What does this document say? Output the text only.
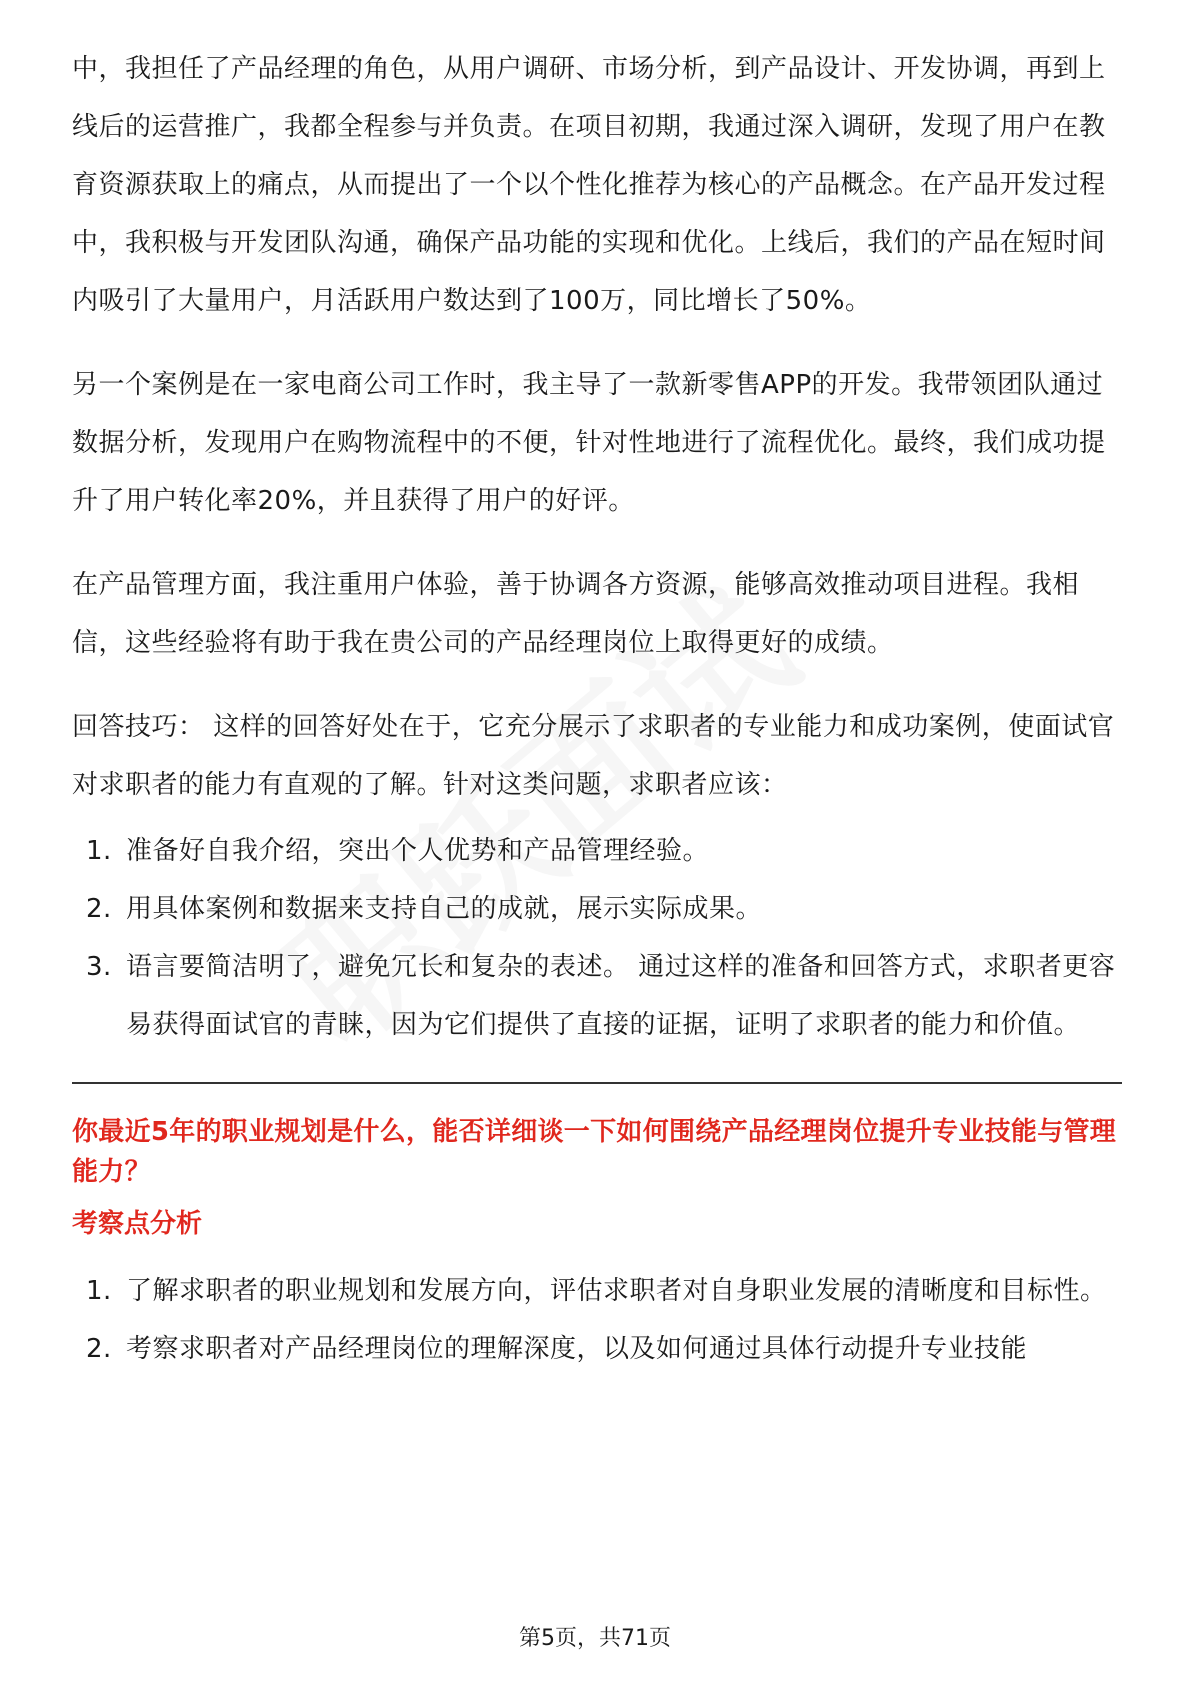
中，我担任了产品经理的角色，从用户调研、市场分析，到产品设计、开发协调，再到上线后的运营推广，我都全程参与并负责。在项目初期，我通过深入调研，发现了用户在教育资源获取上的痛点，从而提出了一个以个性化推荐为核心的产品概念。在产品开发过程中，我积极与开发团队沟通，确保产品功能的实现和优化。上线后，我们的产品在短时间内吸引了大量用户，月活跃用户数达到了100万，同比增长了50%。

另一个案例是在一家电商公司工作时，我主导了一款新零售APP的开发。我带领团队通过数据分析，发现用户在购物流程中的不便，针对性地进行了流程优化。最终，我们成功提升了用户转化率20%，并且获得了用户的好评。

在产品管理方面，我注重用户体验，善于协调各方资源，能够高效推动项目进程。我相信，这些经验将有助于我在贵公司的产品经理岗位上取得更好的成绩。

回答技巧： 这样的回答好处在于，它充分展示了求职者的专业能力和成功案例，使面试官对求职者的能力有直观的了解。针对这类问题，求职者应该：

1. 准备好自我介绍，突出个人优势和产品管理经验。
2. 用具体案例和数据来支持自己的成就，展示实际成果。
3. 语言要简洁明了，避免冗长和复杂的表述。 通过这样的准备和回答方式，求职者更容易获得面试官的青睐，因为它们提供了直接的证据，证明了求职者的能力和价值。
你最近5年的职业规划是什么，能否详细谈一下如何围绕产品经理岗位提升专业技能与管理能力？
考察点分析
1. 了解求职者的职业规划和发展方向，评估求职者对自身职业发展的清晰度和目标性。
2. 考察求职者对产品经理岗位的理解深度，以及如何通过具体行动提升专业技能
第5页，共71页
